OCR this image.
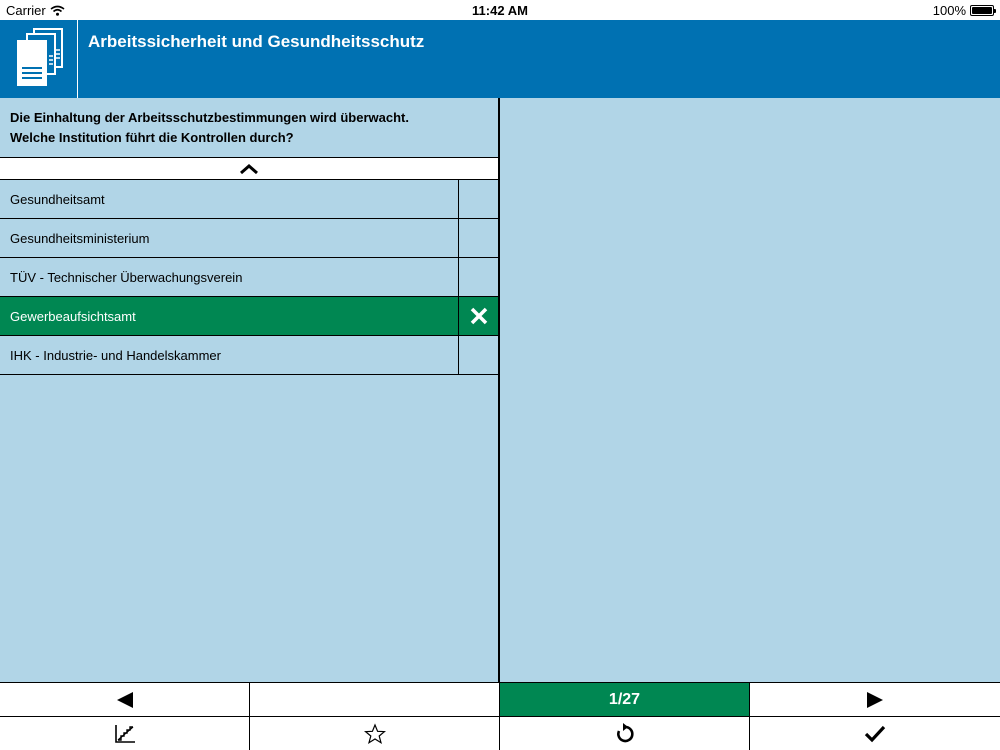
Carrier	11:42 AM	100%
Arbeitssicherheit und Gesundheitsschutz
Die Einhaltung der Arbeitsschutzbestimmungen wird überwacht.
Welche Institution führt die Kontrollen durch?
Gesundheitsamt
Gesundheitsministerium
TÜV - Technischer Überwachungsverein
Gewerbeaufsichtsamt
IHK - Industrie- und Handelskammer
1/27
